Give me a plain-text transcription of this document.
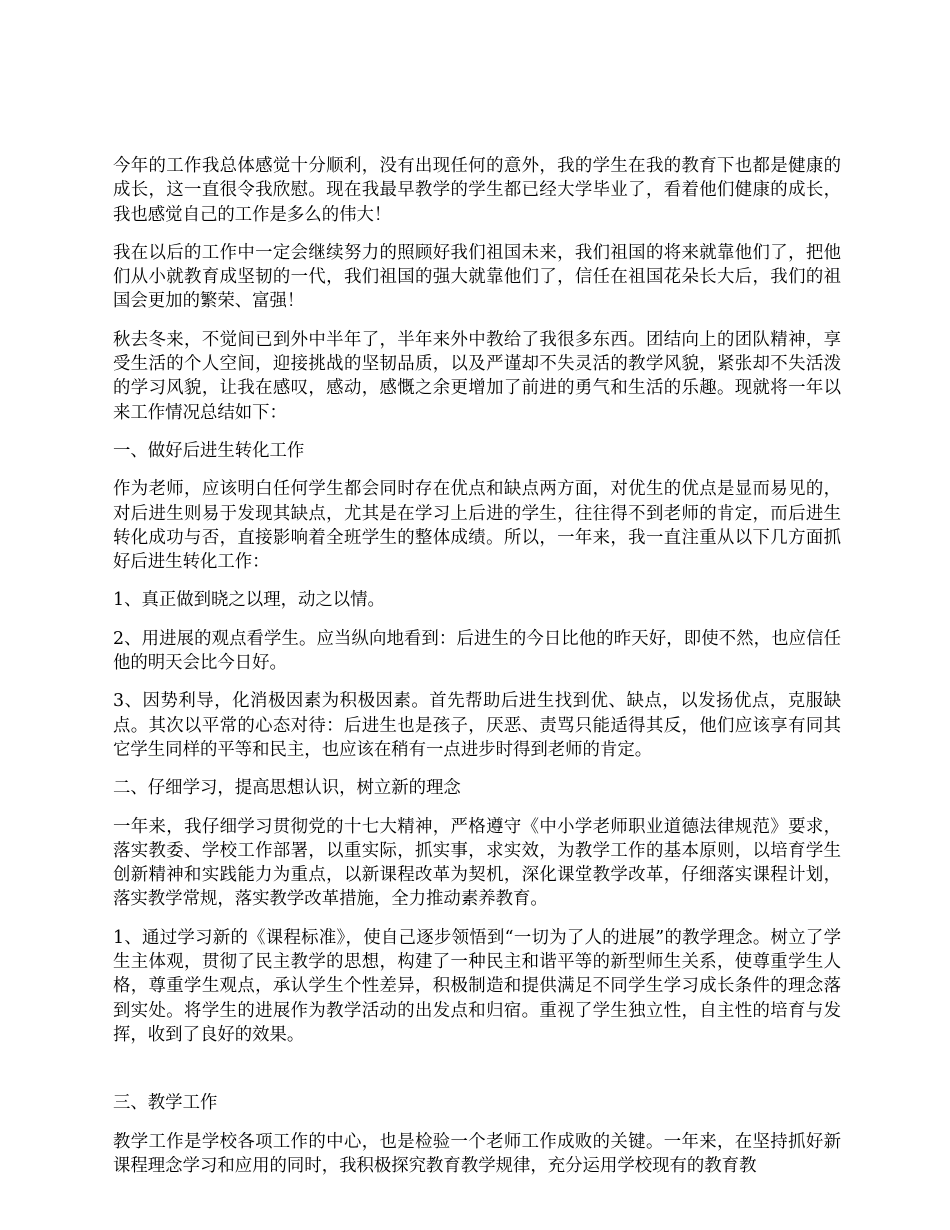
今年的工作我总体感觉十分顺利，没有出现任何的意外，我的学生在我的教育下也都是健康的成长，这一直很令我欣慰。现在我最早教学的学生都已经大学毕业了，看着他们健康的成长，我也感觉自己的工作是多么的伟大！

我在以后的工作中一定会继续努力的照顾好我们祖国未来，我们祖国的将来就靠他们了，把他们从小就教育成坚韧的一代，我们祖国的强大就靠他们了，信任在祖国花朵长大后，我们的祖国会更加的繁荣、富强！

秋去冬来，不觉间已到外中半年了，半年来外中教给了我很多东西。团结向上的团队精神，享受生活的个人空间，迎接挑战的坚韧品质，以及严谨却不失灵活的教学风貌，紧张却不失活泼的学习风貌，让我在感叹，感动，感慨之余更增加了前进的勇气和生活的乐趣。现就将一年以来工作情况总结如下：

一、做好后进生转化工作

作为老师，应该明白任何学生都会同时存在优点和缺点两方面，对优生的优点是显而易见的，对后进生则易于发现其缺点，尤其是在学习上后进的学生，往往得不到老师的肯定，而后进生转化成功与否，直接影响着全班学生的整体成绩。所以，一年来，我一直注重从以下几方面抓好后进生转化工作：

1、真正做到晓之以理，动之以情。

2、用进展的观点看学生。应当纵向地看到：后进生的今日比他的昨天好，即使不然，也应信任他的明天会比今日好。

3、因势利导，化消极因素为积极因素。首先帮助后进生找到优、缺点，以发扬优点，克服缺点。其次以平常的心态对待：后进生也是孩子，厌恶、责骂只能适得其反，他们应该享有同其它学生同样的平等和民主，也应该在稍有一点进步时得到老师的肯定。

二、仔细学习，提高思想认识，树立新的理念

一年来，我仔细学习贯彻党的十七大精神，严格遵守《中小学老师职业道德法律规范》要求，落实教委、学校工作部署，以重实际，抓实事，求实效，为教学工作的基本原则，以培育学生创新精神和实践能力为重点，以新课程改革为契机，深化课堂教学改革，仔细落实课程计划，落实教学常规，落实教学改革措施，全力推动素养教育。

1、通过学习新的《课程标准》，使自己逐步领悟到“一切为了人的进展”的教学理念。树立了学生主体观，贯彻了民主教学的思想，构建了一种民主和谐平等的新型师生关系，使尊重学生人格，尊重学生观点，承认学生个性差异，积极制造和提供满足不同学生学习成长条件的理念落到实处。将学生的进展作为教学活动的出发点和归宿。重视了学生独立性，自主性的培育与发挥，收到了良好的效果。

三、教学工作

教学工作是学校各项工作的中心，也是检验一个老师工作成败的关键。一年来，在坚持抓好新课程理念学习和应用的同时，我积极探究教育教学规律，充分运用学校现有的教育教
